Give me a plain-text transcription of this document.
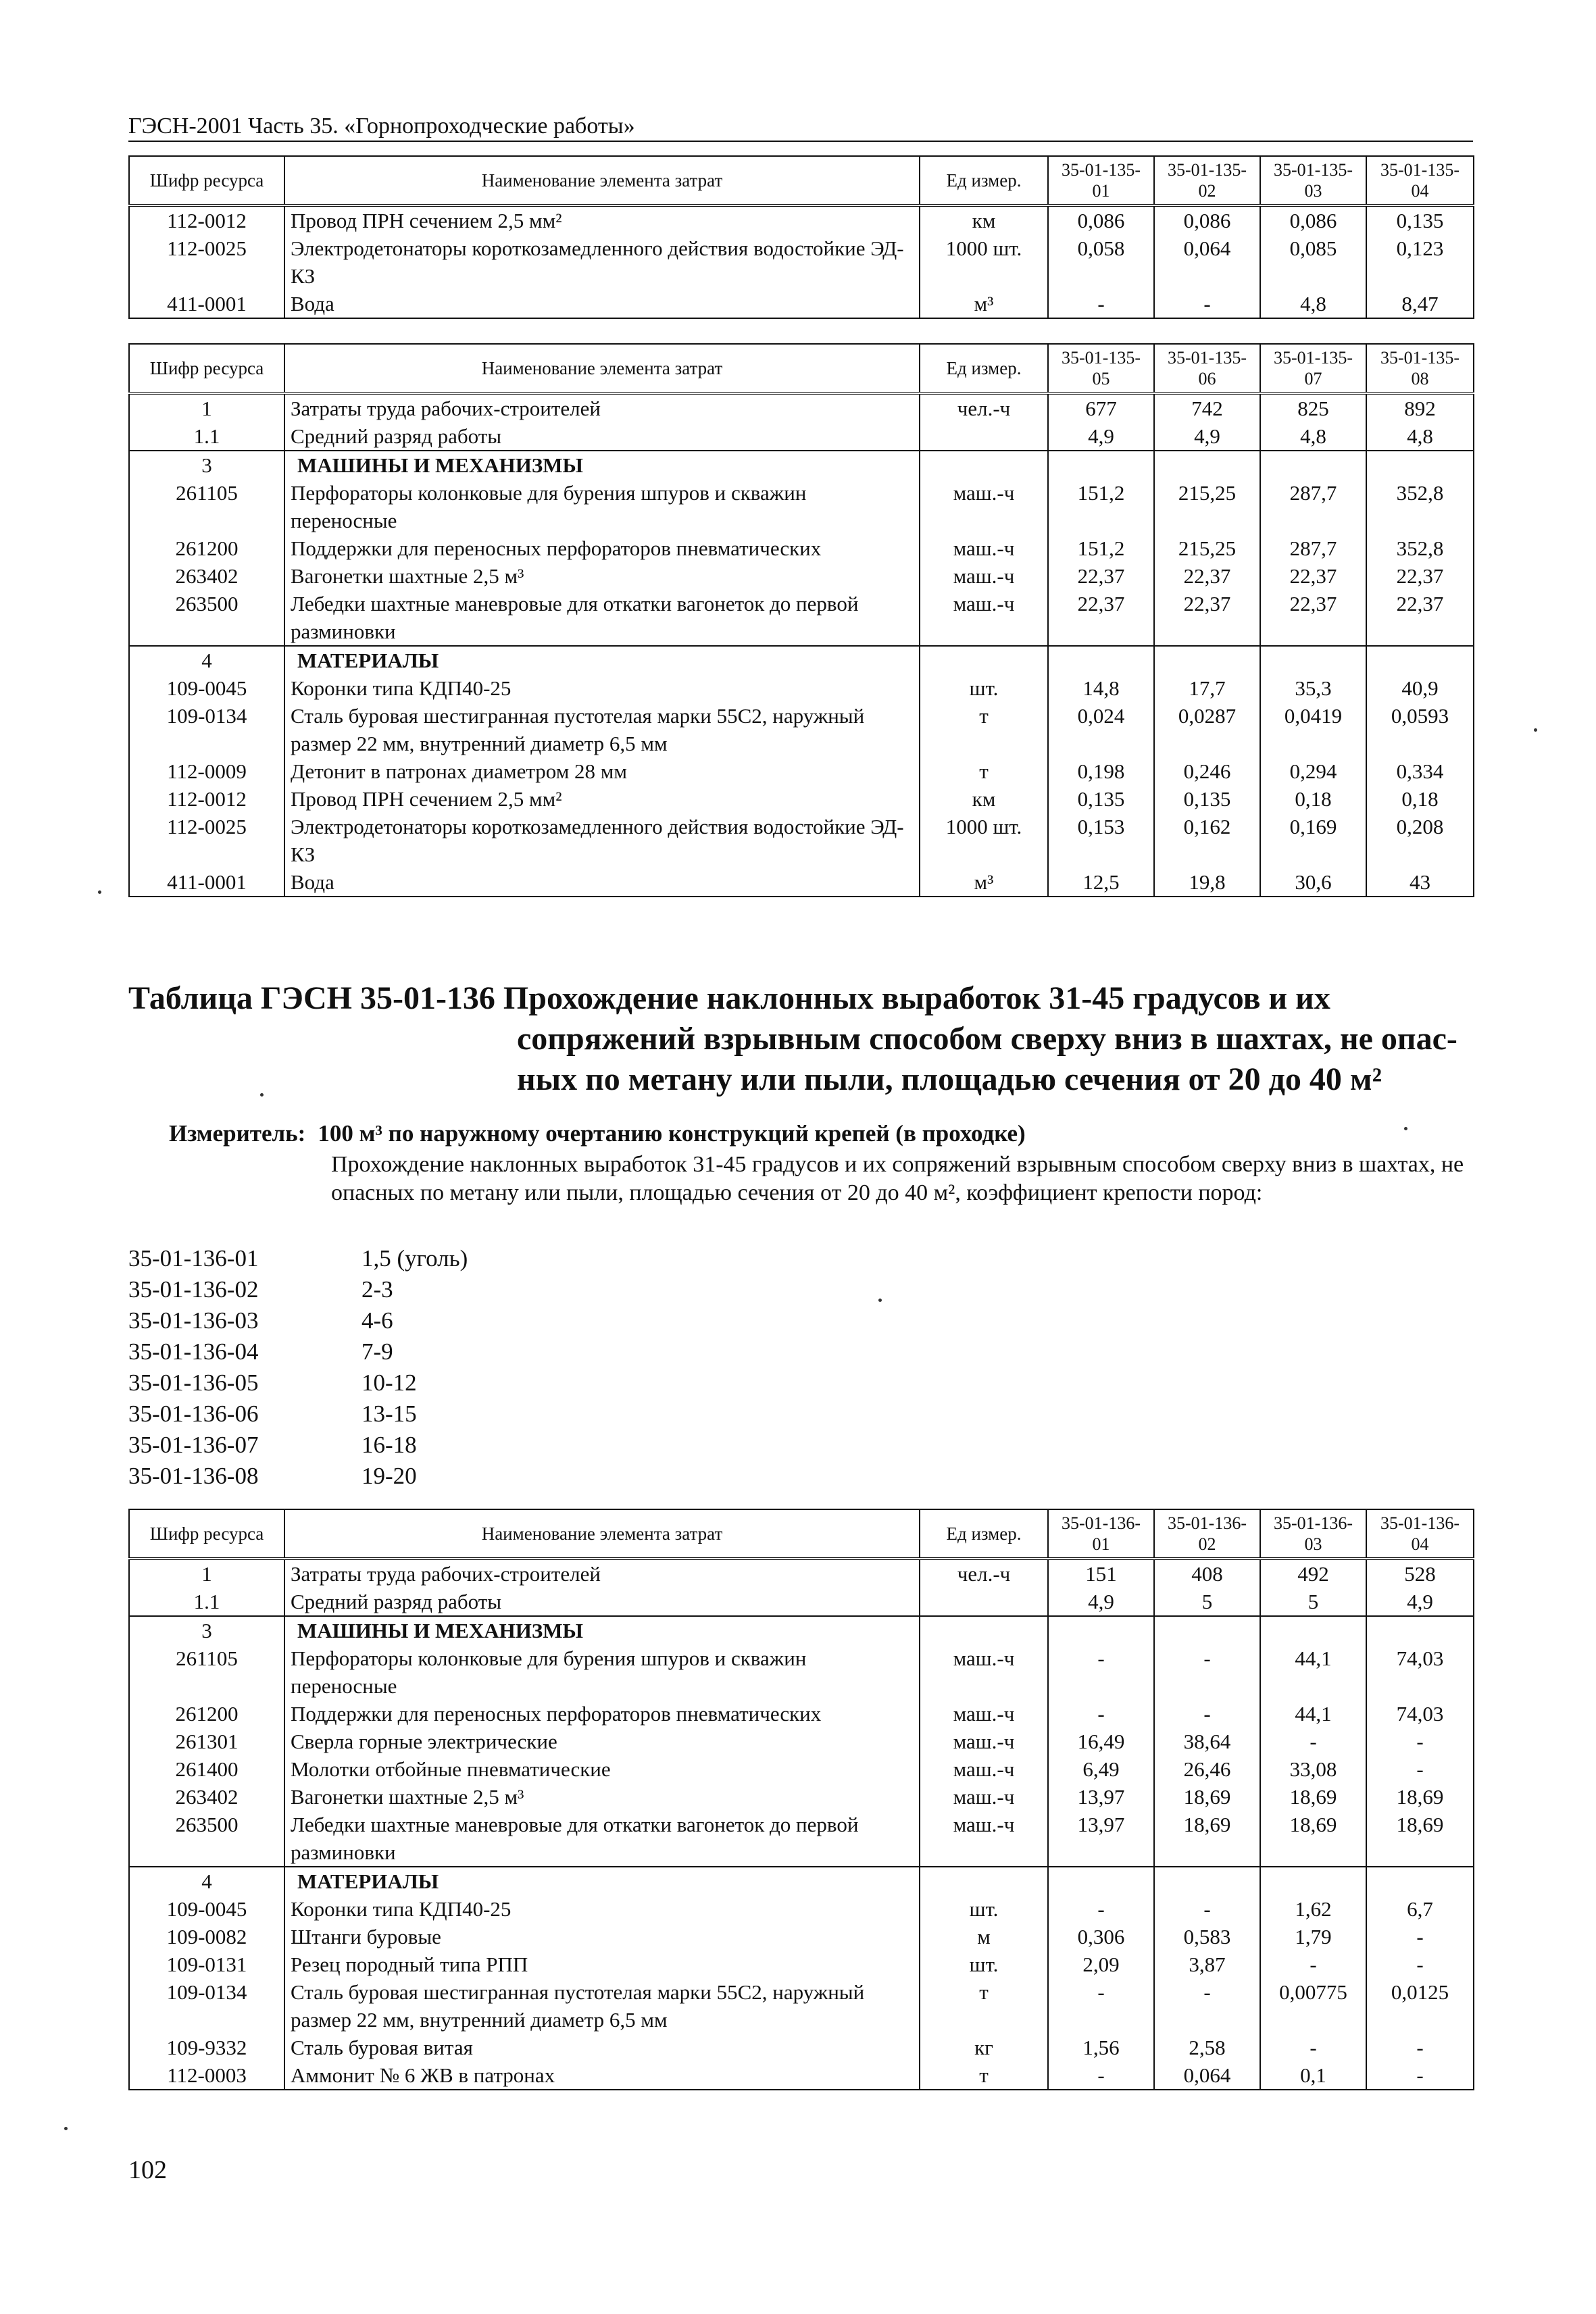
ГЭСН-2001 Часть 35. «Горнопроходческие работы»
Шифр ресурса	Наименование элемента затрат	Ед измер.	35-01-135-01	35-01-135-02	35-01-135-03	35-01-135-04
112-0012	Провод ПРН сечением 2,5 мм²	км	0,086	0,086	0,086	0,135
112-0025	Электродетонаторы короткозамедленного действия водостойкие ЭД-КЗ	1000 шт.	0,058	0,064	0,085	0,123
411-0001	Вода	м³	-	-	4,8	8,47
Шифр ресурса	Наименование элемента затрат	Ед измер.	35-01-135-05	35-01-135-06	35-01-135-07	35-01-135-08
1	Затраты труда рабочих-строителей	чел.-ч	677	742	825	892
1.1	Средний разряд работы		4,9	4,9	4,8	4,8
3	МАШИНЫ И МЕХАНИЗМЫ					
261105	Перфораторы колонковые для бурения шпуров и скважин переносные	маш.-ч	151,2	215,25	287,7	352,8
261200	Поддержки для переносных перфораторов пневматических	маш.-ч	151,2	215,25	287,7	352,8
263402	Вагонетки шахтные 2,5 м³	маш.-ч	22,37	22,37	22,37	22,37
263500	Лебедки шахтные маневровые для откатки вагонеток до первой разминовки	маш.-ч	22,37	22,37	22,37	22,37
4	МАТЕРИАЛЫ					
109-0045	Коронки типа КДП40-25	шт.	14,8	17,7	35,3	40,9
109-0134	Сталь буровая шестигранная пустотелая марки 55С2, наружный размер 22 мм, внутренний диаметр 6,5 мм	т	0,024	0,0287	0,0419	0,0593
112-0009	Детонит в патронах диаметром 28 мм	т	0,198	0,246	0,294	0,334
112-0012	Провод ПРН сечением 2,5 мм²	км	0,135	0,135	0,18	0,18
112-0025	Электродетонаторы короткозамедленного действия водостойкие ЭД-КЗ	1000 шт.	0,153	0,162	0,169	0,208
411-0001	Вода	м³	12,5	19,8	30,6	43
Таблица ГЭСН 35-01-136 Прохождение наклонных выработок 31-45 градусов и их
сопряжений взрывным способом сверху вниз в шахтах, не опас-
ных по метану или пыли, площадью сечения от 20 до 40 м²
Измеритель: 100 м³ по наружному очертанию конструкций крепей (в проходке)
Прохождение наклонных выработок 31-45 градусов и их сопряжений взрывным способом сверху вниз в шахтах, не опасных по метану или пыли, площадью сечения от 20 до 40 м², коэффициент крепости пород:
35-01-136-01	1,5 (уголь)
35-01-136-02	2-3
35-01-136-03	4-6
35-01-136-04	7-9
35-01-136-05	10-12
35-01-136-06	13-15
35-01-136-07	16-18
35-01-136-08	19-20
Шифр ресурса	Наименование элемента затрат	Ед измер.	35-01-136-01	35-01-136-02	35-01-136-03	35-01-136-04
1	Затраты труда рабочих-строителей	чел.-ч	151	408	492	528
1.1	Средний разряд работы		4,9	5	5	4,9
3	МАШИНЫ И МЕХАНИЗМЫ					
261105	Перфораторы колонковые для бурения шпуров и скважин переносные	маш.-ч	-	-	44,1	74,03
261200	Поддержки для переносных перфораторов пневматических	маш.-ч	-	-	44,1	74,03
261301	Сверла горные электрические	маш.-ч	16,49	38,64	-	-
261400	Молотки отбойные пневматические	маш.-ч	6,49	26,46	33,08	-
263402	Вагонетки шахтные 2,5 м³	маш.-ч	13,97	18,69	18,69	18,69
263500	Лебедки шахтные маневровые для откатки вагонеток до первой разминовки	маш.-ч	13,97	18,69	18,69	18,69
4	МАТЕРИАЛЫ					
109-0045	Коронки типа КДП40-25	шт.	-	-	1,62	6,7
109-0082	Штанги буровые	м	0,306	0,583	1,79	-
109-0131	Резец породный типа РПП	шт.	2,09	3,87	-	-
109-0134	Сталь буровая шестигранная пустотелая марки 55С2, наружный размер 22 мм, внутренний диаметр 6,5 мм	т	-	-	0,00775	0,0125
109-9332	Сталь буровая витая	кг	1,56	2,58	-	-
112-0003	Аммонит № 6 ЖВ в патронах	т	-	0,064	0,1	-
102
